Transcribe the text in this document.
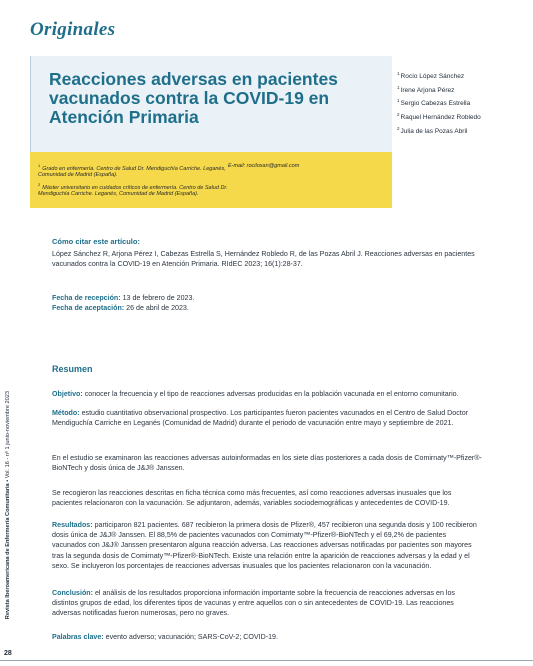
Originales
Reacciones adversas en pacientes vacunados contra la COVID-19 en Atención Primaria
$^1$Rocío López Sánchez
$^1$Irene Arjona Pérez
$^1$Sergio Cabezas Estrella
$^2$Raquel Hernández Robledo
$^2$Julia de las Pozas Abril

$^1$Grado en enfermería. Centro de Salud Dr. Mendiguchía Carriche. Leganés, Comunidad de Madrid (España).

$^2$Máster universitario en cuidados críticos de enfermería. Centro de Salud Dr. Mendiguchía Carriche. Leganés, Comunidad de Madrid (España).

E-mail: rocilosan@gmail.com

Cómo citar este artículo:

López Sánchez R, Arjona Pérez I, Cabezas Estrella S, Hernández Robledo R, de las Pozas Abril J. Reacciones adversas en pacientes vacunados contra la COVID-19 en Atención Primaria. RIdEC 2023; 16(1):28-37.

Fecha de recepción: 13 de febrero de 2023.
Fecha de aceptación: 26 de abril de 2023.
Resumen

Objetivo: conocer la frecuencia y el tipo de reacciones adversas producidas en la población vacunada en el entorno comunitario.

Método: estudio cuantitativo observacional prospectivo. Los participantes fueron pacientes vacunados en el Centro de Salud Doctor Mendiguchía Carriche en Leganés (Comunidad de Madrid) durante el periodo de vacunación entre mayo y septiembre de 2021.

En el estudio se examinaron las reacciones adversas autoinformadas en los siete días posteriores a cada dosis de Comirnaty™-Pfizer®-BioNTech y dosis única de J&J® Janssen.

Se recogieron las reacciones descritas en ficha técnica como más frecuentes, así como reacciones adversas inusuales que los pacientes relacionaron con la vacunación. Se adjuntaron, además, variables sociodemográficas y antecedentes de COVID-19.

Resultados: participaron 821 pacientes. 687 recibieron la primera dosis de Pfizer®, 457 recibieron una segunda dosis y 100 recibieron dosis única de J&J® Janssen. El 88,5% de pacientes vacunados con Comirnaty™-Pfizer®-BioNTech y el 69,2% de pacientes vacunados con J&J® Janssen presentaron alguna reacción adversa. Las reacciones adversas notificadas por pacientes son mayores tras la segunda dosis de Comirnaty™-Pfizer®-BioNTech. Existe una relación entre la aparición de reacciones adversas y la edad y el sexo. Se incluyeron los porcentajes de reacciones adversas inusuales que los pacientes relacionaron con la vacunación.

Conclusión: el análisis de los resultados proporciona información importante sobre la frecuencia de reacciones adversas en los distintos grupos de edad, los diferentes tipos de vacunas y entre aquellos con o sin antecedentes de COVID-19. Las reacciones adversas notificadas fueron numerosas, pero no graves.

Palabras clave: evento adverso; vacunación; SARS-CoV-2; COVID-19.

Revista Iberoamericana de Enfermería Comunitaria • Vol. 16 - nº 1 junio-noviembre 2023
28
